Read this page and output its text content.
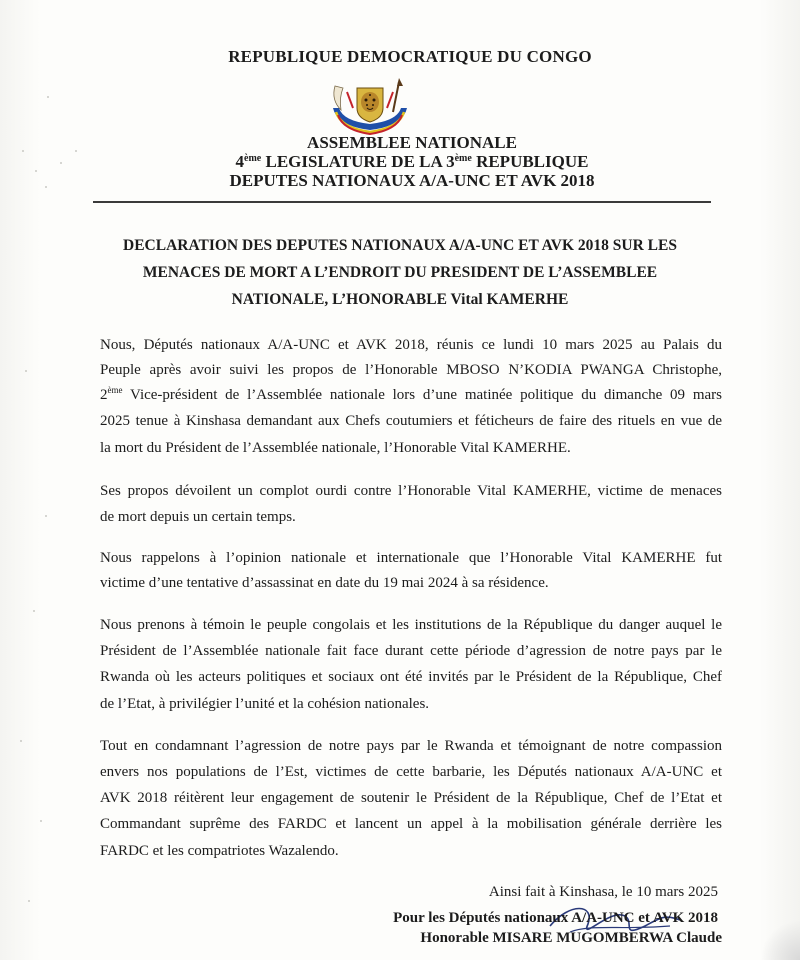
REPUBLIQUE DEMOCRATIQUE DU CONGO
ASSEMBLEE NATIONALE
4ème LEGISLATURE DE LA 3ème REPUBLIQUE
DEPUTES NATIONAUX A/A-UNC ET AVK 2018
DECLARATION DES DEPUTES NATIONAUX A/A-UNC ET AVK 2018 SUR LES
MENACES DE MORT A L’ENDROIT DU PRESIDENT DE L’ASSEMBLEE
NATIONALE, L’HONORABLE Vital KAMERHE
Nous, Députés nationaux A/A-UNC et AVK 2018, réunis ce lundi 10 mars 2025 au Palais du
Peuple après avoir suivi les propos de l’Honorable MBOSO N’KODIA PWANGA Christophe,
2ème Vice-président de l’Assemblée nationale lors d’une matinée politique du dimanche 09 mars
2025 tenue à Kinshasa demandant aux Chefs coutumiers et féticheurs de faire des rituels en vue de
la mort du Président de l’Assemblée nationale, l’Honorable Vital KAMERHE.
Ses propos dévoilent un complot ourdi contre l’Honorable Vital KAMERHE, victime de menaces
de mort depuis un certain temps.
Nous rappelons à l’opinion nationale et internationale que l’Honorable Vital KAMERHE fut
victime d’une tentative d’assassinat en date du 19 mai 2024 à sa résidence.
Nous prenons à témoin le peuple congolais et les institutions de la République du danger auquel le
Président de l’Assemblée nationale fait face durant cette période d’agression de notre pays par le
Rwanda où les acteurs politiques et sociaux ont été invités par le Président de la République, Chef
de l’Etat, à privilégier l’unité et la cohésion nationales.
Tout en condamnant l’agression de notre pays par le Rwanda et témoignant de notre compassion
envers nos populations de l’Est, victimes de cette barbarie, les Députés nationaux A/A-UNC et
AVK 2018 réitèrent leur engagement de soutenir le Président de la République, Chef de l’Etat et
Commandant suprême des FARDC et lancent un appel à la mobilisation générale derrière les
FARDC et les compatriotes Wazalendo.
Ainsi fait à Kinshasa, le 10 mars 2025
Pour les Députés nationaux A/A-UNC et AVK 2018
Honorable MISARE MUGOMBERWA Claude
